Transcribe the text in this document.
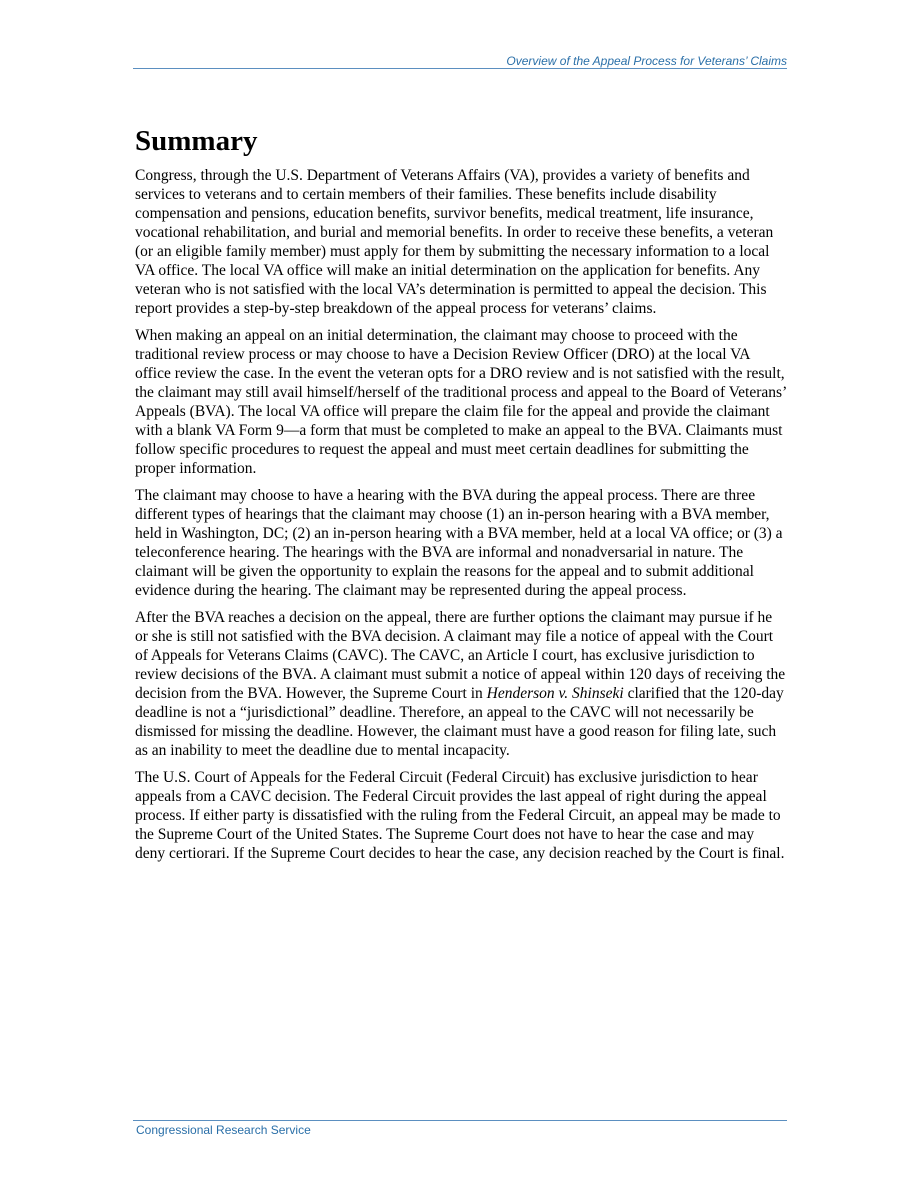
Overview of the Appeal Process for Veterans’ Claims
Summary

Congress, through the U.S. Department of Veterans Affairs (VA), provides a variety of benefits and services to veterans and to certain members of their families. These benefits include disability compensation and pensions, education benefits, survivor benefits, medical treatment, life insurance, vocational rehabilitation, and burial and memorial benefits. In order to receive these benefits, a veteran (or an eligible family member) must apply for them by submitting the necessary information to a local VA office. The local VA office will make an initial determination on the application for benefits. Any veteran who is not satisfied with the local VA’s determination is permitted to appeal the decision. This report provides a step-by-step breakdown of the appeal process for veterans’ claims.

When making an appeal on an initial determination, the claimant may choose to proceed with the traditional review process or may choose to have a Decision Review Officer (DRO) at the local VA office review the case. In the event the veteran opts for a DRO review and is not satisfied with the result, the claimant may still avail himself/herself of the traditional process and appeal to the Board of Veterans’ Appeals (BVA). The local VA office will prepare the claim file for the appeal and provide the claimant with a blank VA Form 9—a form that must be completed to make an appeal to the BVA. Claimants must follow specific procedures to request the appeal and must meet certain deadlines for submitting the proper information.

The claimant may choose to have a hearing with the BVA during the appeal process. There are three different types of hearings that the claimant may choose (1) an in-person hearing with a BVA member, held in Washington, DC; (2) an in-person hearing with a BVA member, held at a local VA office; or (3) a teleconference hearing. The hearings with the BVA are informal and nonadversarial in nature. The claimant will be given the opportunity to explain the reasons for the appeal and to submit additional evidence during the hearing. The claimant may be represented during the appeal process.

After the BVA reaches a decision on the appeal, there are further options the claimant may pursue if he or she is still not satisfied with the BVA decision. A claimant may file a notice of appeal with the Court of Appeals for Veterans Claims (CAVC). The CAVC, an Article I court, has exclusive jurisdiction to review decisions of the BVA. A claimant must submit a notice of appeal within 120 days of receiving the decision from the BVA. However, the Supreme Court in Henderson v. Shinseki clarified that the 120-day deadline is not a “jurisdictional” deadline. Therefore, an appeal to the CAVC will not necessarily be dismissed for missing the deadline. However, the claimant must have a good reason for filing late, such as an inability to meet the deadline due to mental incapacity.

The U.S. Court of Appeals for the Federal Circuit (Federal Circuit) has exclusive jurisdiction to hear appeals from a CAVC decision. The Federal Circuit provides the last appeal of right during the appeal process. If either party is dissatisfied with the ruling from the Federal Circuit, an appeal may be made to the Supreme Court of the United States. The Supreme Court does not have to hear the case and may deny certiorari. If the Supreme Court decides to hear the case, any decision reached by the Court is final.

Congressional Research Service
